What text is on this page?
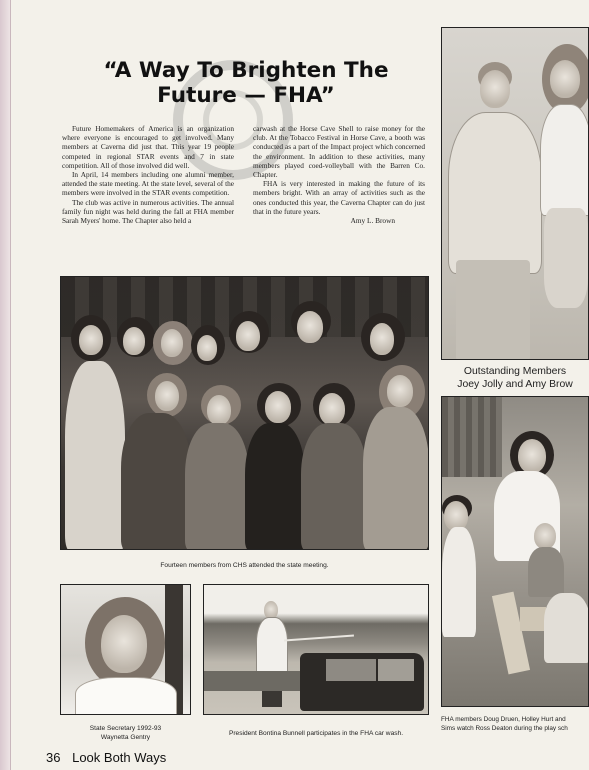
“A Way To Brighten The
Future — FHA”

Future Homemakers of America is an organization where everyone is encouraged to get involved. Many members at Caverna did just that. This year 19 people competed in regional STAR events and 7 in state competition. All of those involved did well.

In April, 14 members including one alumni member, attended the state meeting. At the state level, several of the members were involved in the STAR events competition.

The club was active in numerous activities. The annual family fun night was held during the fall at FHA member Sarah Myers' home. The Chapter also held a

carwash at the Horse Cave Shell to raise money for the club. At the Tobacco Festival in Horse Cave, a booth was conducted as a part of the Impact project which concerned the environment. In addition to these activities, many members played coed-volleyball with the Barren Co. Chapter.

FHA is very interested in making the future of its members bright. With an array of activities such as the ones conducted this year, the Caverna Chapter can do just that in the future years.

Amy L. Brown
Fourteen members from CHS attended the state meeting.
Outstanding Members
Joey Jolly and Amy Brow
FHA members Doug Druen, Holley Hurt and
Sims watch Ross Deaton during the play sch
State Secretary 1992-93
Waynetta Gentry	President Bontina Bunnell participates in the FHA car wash.
36 Look Both Ways
